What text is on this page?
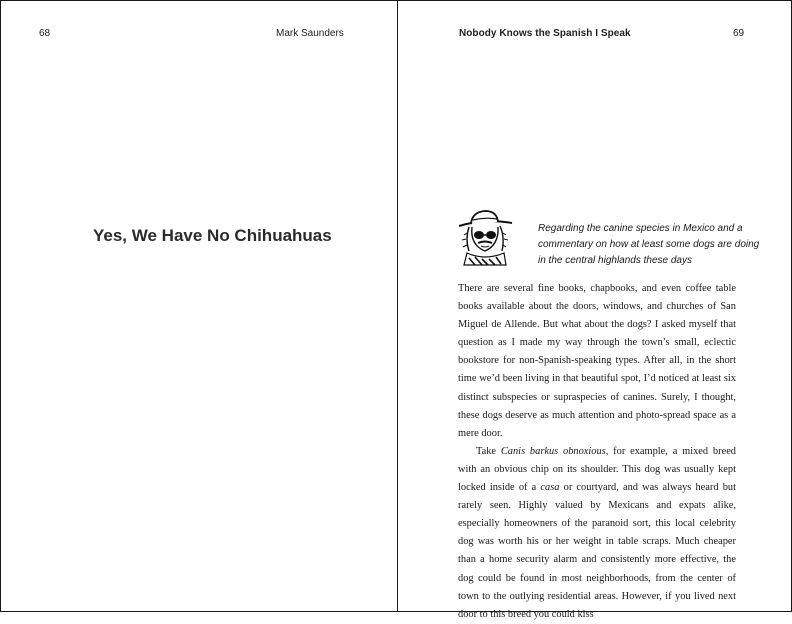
68	Mark Saunders
Yes, We Have No Chihuahuas
Nobody Knows the Spanish I Speak	69

Regarding the canine species in Mexico and a commentary on how at least some dogs are doing in the central highlands these days

There are several fine books, chapbooks, and even coffee table books available about the doors, windows, and churches of San Miguel de Allende. But what about the dogs? I asked myself that question as I made my way through the town’s small, eclectic bookstore for non-Spanish-speaking types. After all, in the short time we’d been living in that beautiful spot, I’d noticed at least six distinct subspecies or supraspecies of canines. Surely, I thought, these dogs deserve as much attention and photo-spread space as a mere door.

Take Canis barkus obnoxious, for example, a mixed breed with an obvious chip on its shoulder. This dog was usually kept locked inside of a casa or courtyard, and was always heard but rarely seen. Highly valued by Mexicans and expats alike, especially homeowners of the paranoid sort, this local celebrity dog was worth his or her weight in table scraps. Much cheaper than a home security alarm and consistently more effective, the dog could be found in most neighborhoods, from the center of town to the outlying residential areas. However, if you lived next door to this breed you could kiss
